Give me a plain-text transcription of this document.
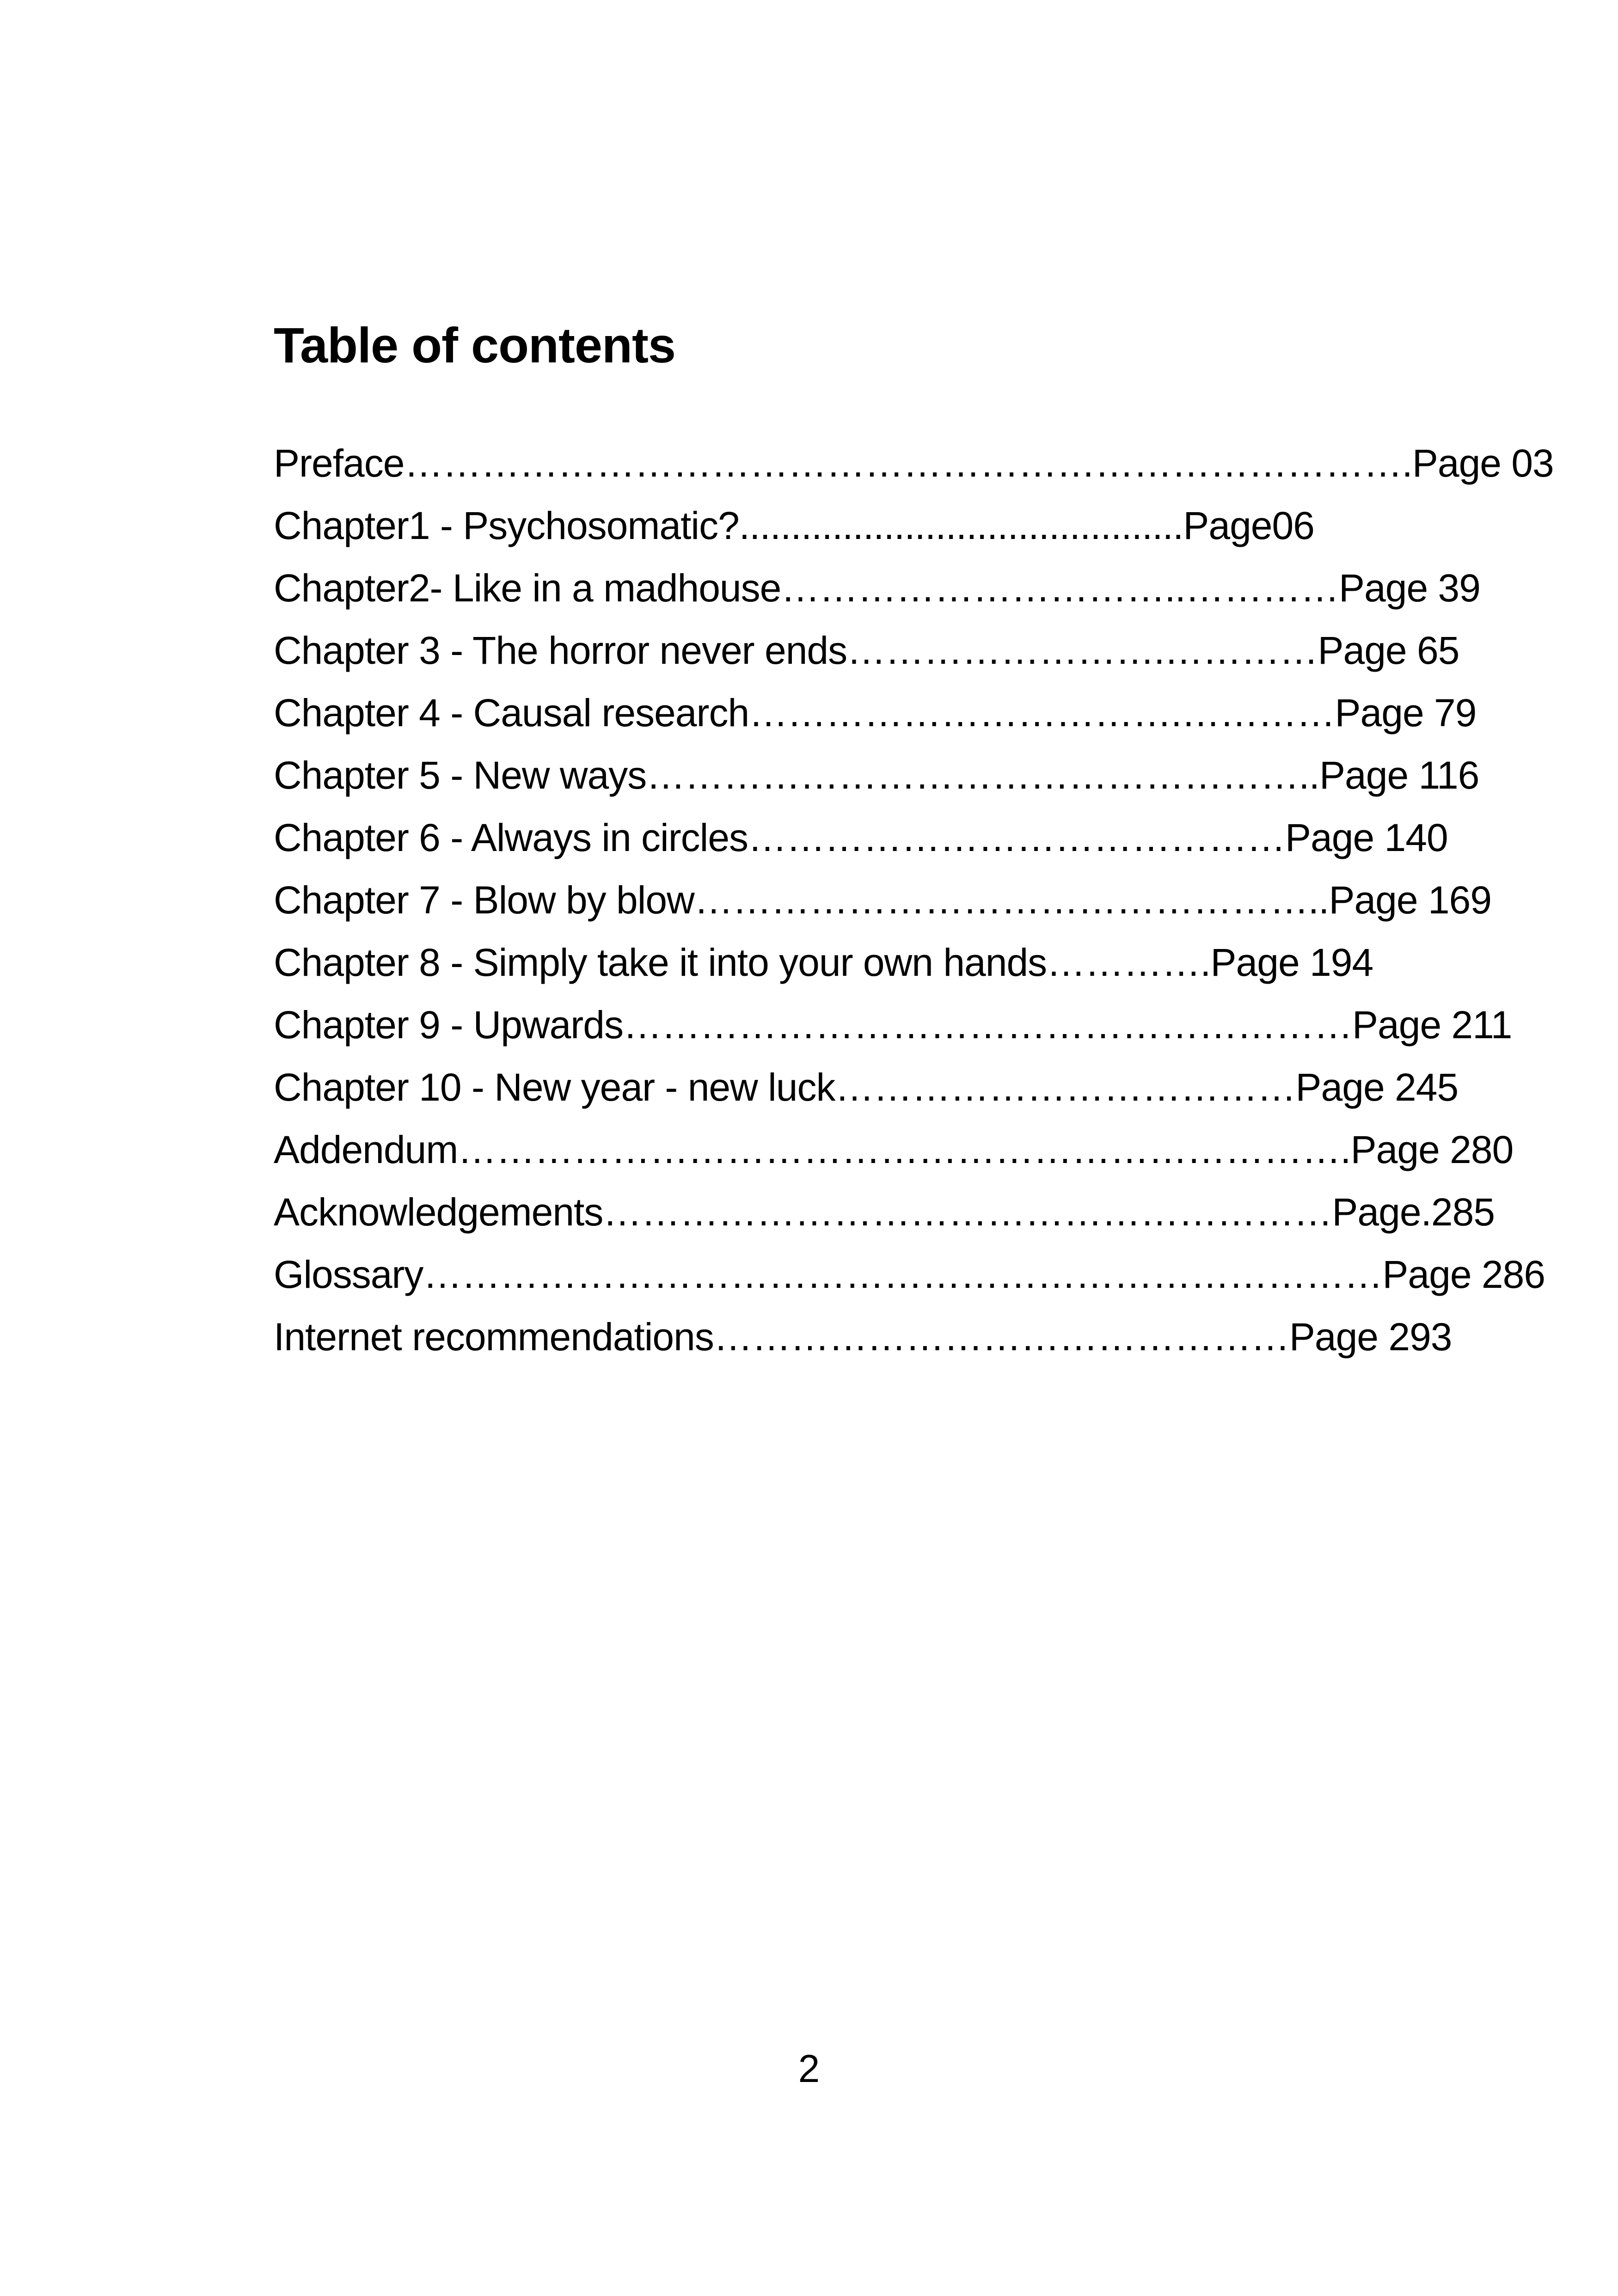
Table of contents
Preface…………………………………………………………………….Page 03
Chapter1 - Psychosomatic?...........................................Page06
Chapter2- Like in a madhouse…………………………..…………Page 39
Chapter 3 - The horror never ends…………………….…………Page 65
Chapter 4 - Causal research…………………………….…………Page 79
Chapter 5 - New ways……………………………………………..Page 116
Chapter 6 - Always in circles……………………………………Page 140
Chapter 7 - Blow by blow…………………………………………..Page 169
Chapter 8 - Simply take it into your own hands………….Page 194
Chapter 9 - Upwards…………………………………………………Page 211
Chapter 10 - New year - new luck………………………………Page 245
Addendum…………………………………………………………….Page 280
Acknowledgements…………………………………………………Page.285
Glossary…………………………………………………………………Page 286
Internet recommendations………………………………………Page 293
2
